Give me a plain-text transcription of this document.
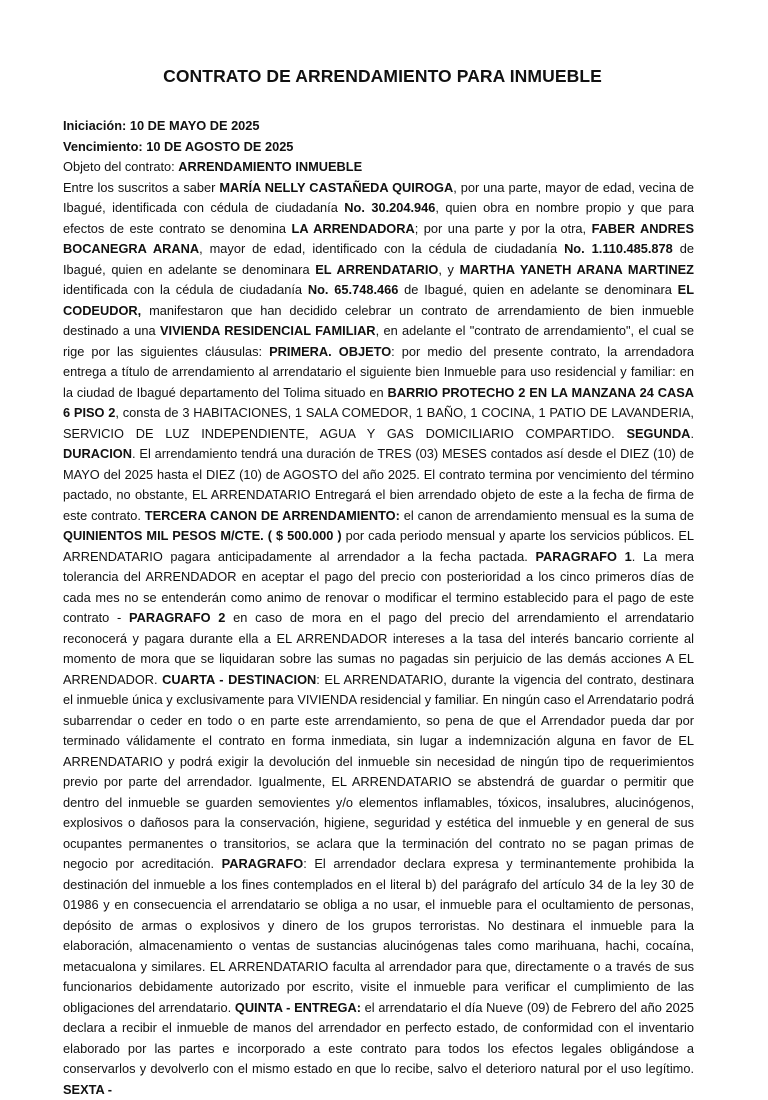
CONTRATO DE ARRENDAMIENTO PARA INMUEBLE

Iniciación: 10 DE MAYO DE 2025

Vencimiento: 10 DE AGOSTO DE 2025

Objeto del contrato: ARRENDAMIENTO INMUEBLE

Entre los suscritos a saber MARÍA NELLY CASTAÑEDA QUIROGA, por una parte, mayor de edad, vecina de Ibagué, identificada con cédula de ciudadanía No. 30.204.946, quien obra en nombre propio y que para efectos de este contrato se denomina LA ARRENDADORA; por una parte y por la otra, FABER ANDRES BOCANEGRA ARANA, mayor de edad, identificado con la cédula de ciudadanía No. 1.110.485.878 de Ibagué, quien en adelante se denominara EL ARRENDATARIO, y MARTHA YANETH ARANA MARTINEZ identificada con la cédula de ciudadanía No. 65.748.466 de Ibagué, quien en adelante se denominara EL CODEUDOR, manifestaron que han decidido celebrar un contrato de arrendamiento de bien inmueble destinado a una VIVIENDA RESIDENCIAL FAMILIAR, en adelante el "contrato de arrendamiento", el cual se rige por las siguientes cláusulas: PRIMERA. OBJETO: por medio del presente contrato, la arrendadora entrega a título de arrendamiento al arrendatario el siguiente bien Inmueble para uso residencial y familiar: en la ciudad de Ibagué departamento del Tolima situado en BARRIO PROTECHO 2 EN LA MANZANA 24 CASA 6 PISO 2, consta de 3 HABITACIONES, 1 SALA COMEDOR, 1 BAÑO, 1 COCINA, 1 PATIO DE LAVANDERIA, SERVICIO DE LUZ INDEPENDIENTE, AGUA Y GAS DOMICILIARIO COMPARTIDO. SEGUNDA. DURACION. El arrendamiento tendrá una duración de TRES (03) MESES contados así desde el DIEZ (10) de MAYO del 2025 hasta el DIEZ (10) de AGOSTO del año 2025. El contrato termina por vencimiento del término pactado, no obstante, EL ARRENDATARIO Entregará el bien arrendado objeto de este a la fecha de firma de este contrato. TERCERA CANON DE ARRENDAMIENTO: el canon de arrendamiento mensual es la suma de QUINIENTOS MIL PESOS M/CTE. ( $ 500.000 ) por cada periodo mensual y aparte los servicios públicos. EL ARRENDATARIO pagara anticipadamente al arrendador a la fecha pactada. PARAGRAFO 1. La mera tolerancia del ARRENDADOR en aceptar el pago del precio con posterioridad a los cinco primeros días de cada mes no se entenderán como animo de renovar o modificar el termino establecido para el pago de este contrato - PARAGRAFO 2 en caso de mora en el pago del precio del arrendamiento el arrendatario reconocerá y pagara durante ella a EL ARRENDADOR intereses a la tasa del interés bancario corriente al momento de mora que se liquidaran sobre las sumas no pagadas sin perjuicio de las demás acciones A EL ARRENDADOR. CUARTA - DESTINACION: EL ARRENDATARIO, durante la vigencia del contrato, destinara el inmueble única y exclusivamente para VIVIENDA residencial y familiar. En ningún caso el Arrendatario podrá subarrendar o ceder en todo o en parte este arrendamiento, so pena de que el Arrendador pueda dar por terminado válidamente el contrato en forma inmediata, sin lugar a indemnización alguna en favor de EL ARRENDATARIO y podrá exigir la devolución del inmueble sin necesidad de ningún tipo de requerimientos previo por parte del arrendador. Igualmente, EL ARRENDATARIO se abstendrá de guardar o permitir que dentro del inmueble se guarden semovientes y/o elementos inflamables, tóxicos, insalubres, alucinógenos, explosivos o dañosos para la conservación, higiene, seguridad y estética del inmueble y en general de sus ocupantes permanentes o transitorios, se aclara que la terminación del contrato no se pagan primas de negocio por acreditación. PARAGRAFO: El arrendador declara expresa y terminantemente prohibida la destinación del inmueble a los fines contemplados en el literal b) del parágrafo del artículo 34 de la ley 30 de 01986 y en consecuencia el arrendatario se obliga a no usar, el inmueble para el ocultamiento de personas, depósito de armas o explosivos y dinero de los grupos terroristas. No destinara el inmueble para la elaboración, almacenamiento o ventas de sustancias alucinógenas tales como marihuana, hachi, cocaína, metacualona y similares. EL ARRENDATARIO faculta al arrendador para que, directamente o a través de sus funcionarios debidamente autorizado por escrito, visite el inmueble para verificar el cumplimiento de las obligaciones del arrendatario. QUINTA - ENTREGA: el arrendatario el día Nueve (09) de Febrero del año 2025 declara a recibir el inmueble de manos del arrendador en perfecto estado, de conformidad con el inventario elaborado por las partes e incorporado a este contrato para todos los efectos legales obligándose a conservarlos y devolverlo con el mismo estado en que lo recibe, salvo el deterioro natural por el uso legítimo. SEXTA -
